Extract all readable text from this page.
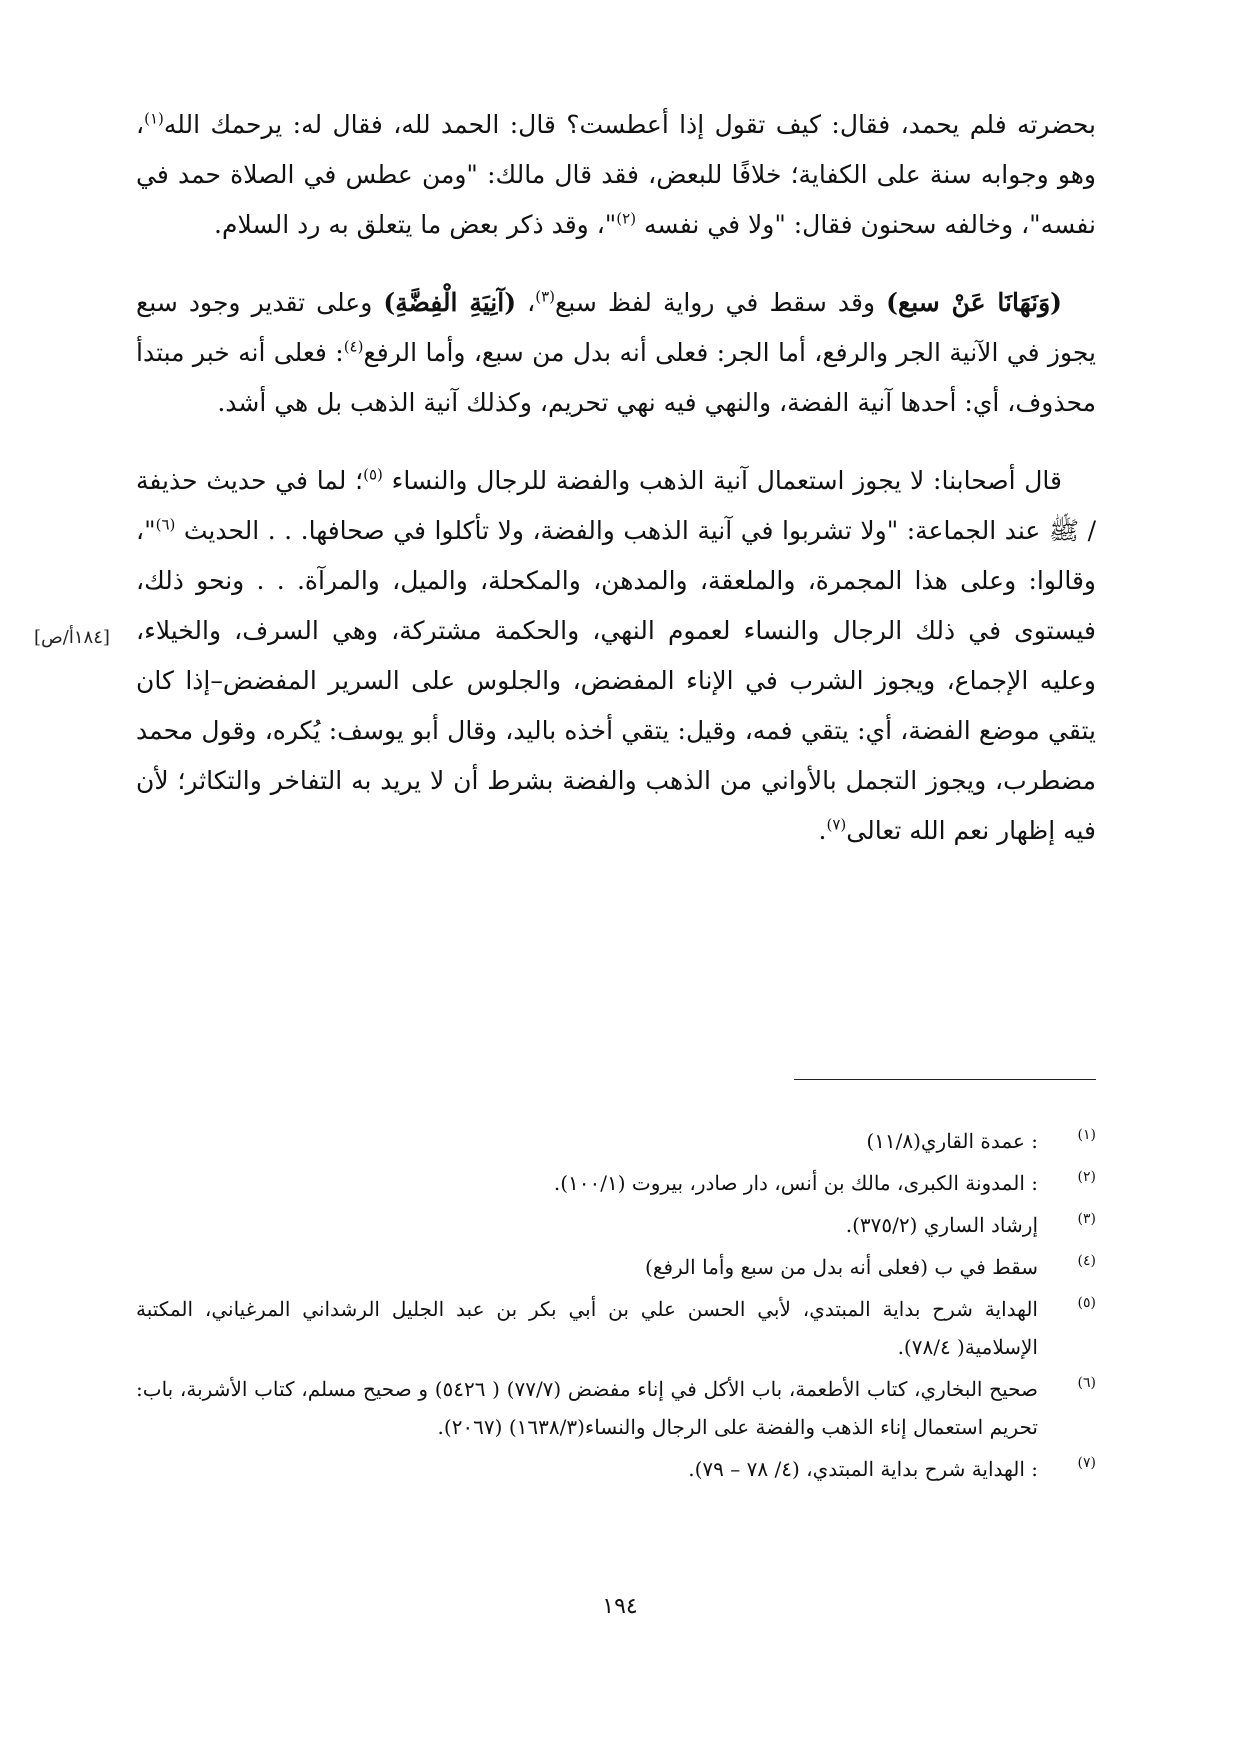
بحضرته فلم يحمد، فقال: كيف تقول إذا أعطست؟ قال: الحمد لله، فقال له: يرحمك الله$^{(١)}$، وهو وجوابه سنة على الكفاية؛ خلافًا للبعض، فقد قال مالك: "ومن عطس في الصلاة حمد في نفسه"، وخالفه سحنون فقال: "ولا في نفسه $^{(٢)}$"، وقد ذكر بعض ما يتعلق به رد السلام.

(وَنَهَانَا عَنْ سبع) وقد سقط في رواية لفظ سبع$^{(٣)}$، (آنِيَةِ الْفِضَّةِ) وعلى تقدير وجود سبع يجوز في الآنية الجر والرفع، أما الجر: فعلى أنه بدل من سبع، وأما الرفع$^{(٤)}$: فعلى أنه خبر مبتدأ محذوف، أي: أحدها آنية الفضة، والنهي فيه نهي تحريم، وكذلك آنية الذهب بل هي أشد.

قال أصحابنا: لا يجوز استعمال آنية الذهب والفضة للرجال والنساء $^{(٥)}$؛ لما في حديث حذيفة / ﷺ عند الجماعة: "ولا تشربوا في آنية الذهب والفضة، ولا تأكلوا في صحافها. . . الحديث $^{(٦)}$"، وقالوا: وعلى هذا المجمرة، والملعقة، والمدهن، والمكحلة، والميل، والمرآة. . . ونحو ذلك، فيستوى في ذلك الرجال والنساء لعموم النهي، والحكمة مشتركة، وهي السرف، والخيلاء، وعليه الإجماع، ويجوز الشرب في الإناء المفضض، والجلوس على السرير المفضض–إذا كان يتقي موضع الفضة، أي: يتقي فمه، وقيل: يتقي أخذه باليد، وقال أبو يوسف: يُكره، وقول محمد مضطرب، ويجوز التجمل بالأواني من الذهب والفضة بشرط أن لا يريد به التفاخر والتكاثر؛ لأن فيه إظهار نعم الله تعالى$^{(٧)}$.

[١٨٤أ/ص]

(١)
: عمدة القاري(١١/٨)

(٢)
: المدونة الكبرى، مالك بن أنس، دار صادر، بيروت (١٠٠/١).

(٣)
إرشاد الساري (٣٧٥/٢).

(٤)
سقط في ب (فعلى أنه بدل من سبع وأما الرفع)

(٥)
الهداية شرح بداية المبتدي، لأبي الحسن علي بن أبي بكر بن عبد الجليل الرشداني المرغياني، المكتبة الإسلامية( ٧٨/٤).

(٦)
صحيح البخاري، كتاب الأطعمة، باب الأكل في إناء مفضض (٧٧/٧) ( ٥٤٢٦) و صحيح مسلم، كتاب الأشربة، باب: تحريم استعمال إناء الذهب والفضة على الرجال والنساء(١٦٣٨/٣) (٢٠٦٧).

(٧)
: الهداية شرح بداية المبتدي، (٤/ ٧٨ – ٧٩).

١٩٤
